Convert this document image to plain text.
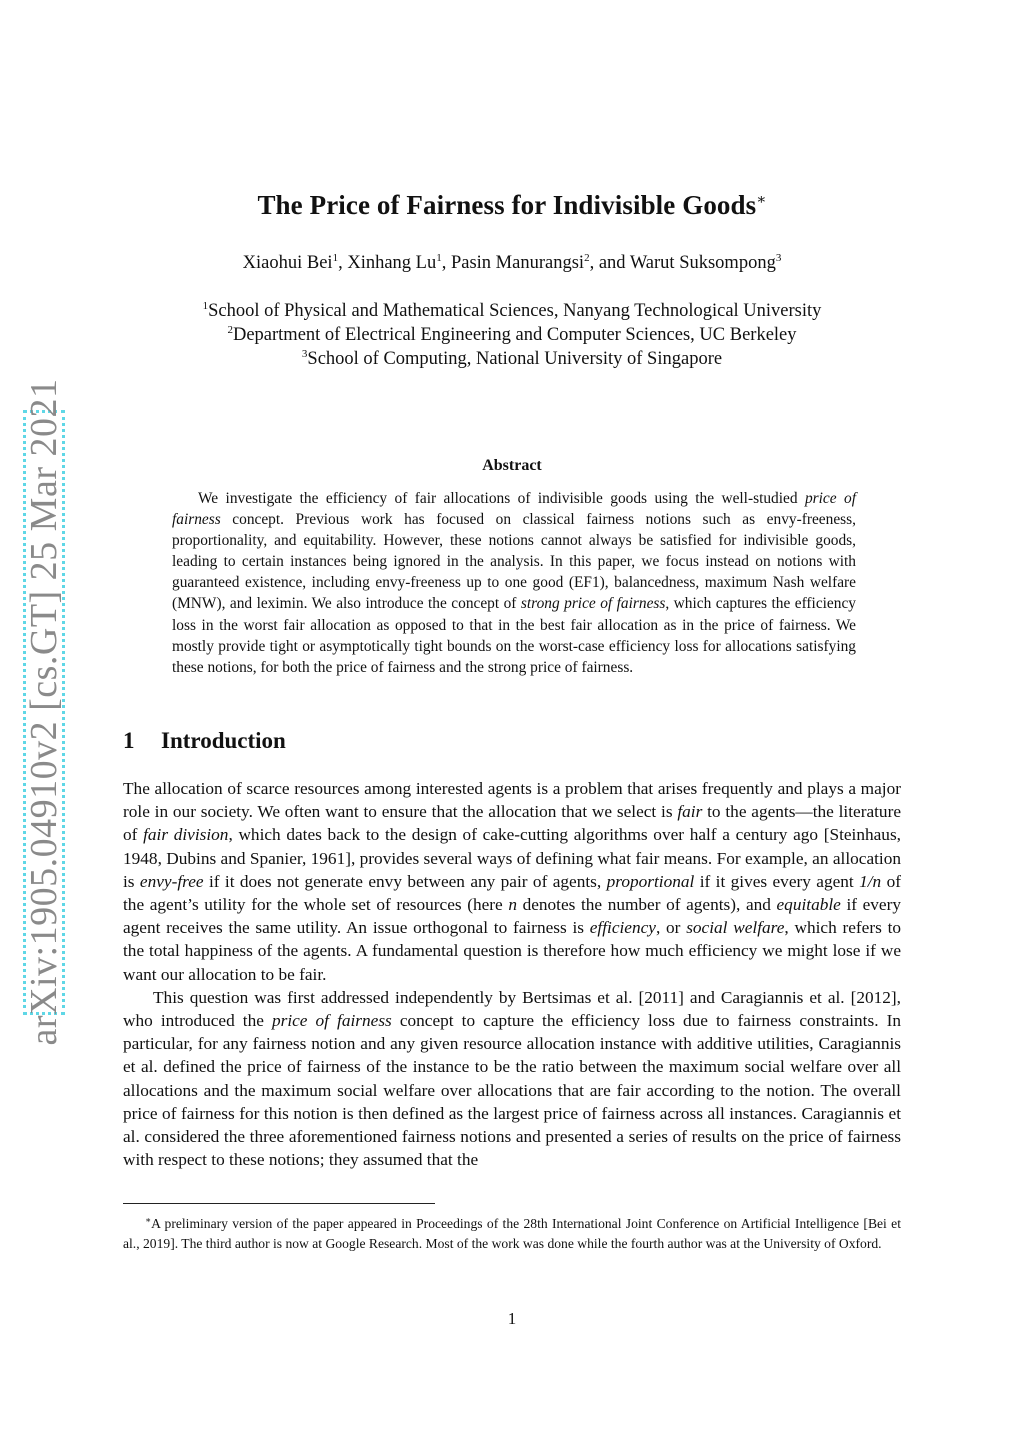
The Price of Fairness for Indivisible Goods∗
Xiaohui Bei$^1$, Xinhang Lu$^1$, Pasin Manurangsi$^2$, and Warut Suksompong$^3$
$^1$School of Physical and Mathematical Sciences, Nanyang Technological University
$^2$Department of Electrical Engineering and Computer Sciences, UC Berkeley
$^3$School of Computing, National University of Singapore
arXiv:1905.04910v2 [cs.GT] 25 Mar 2021	Abstract

We investigate the efficiency of fair allocations of indivisible goods using the well-studied price of fairness concept. Previous work has focused on classical fairness notions such as envy-freeness, proportionality, and equitability. However, these notions cannot always be satisfied for indivisible goods, leading to certain instances being ignored in the analysis. In this paper, we focus instead on notions with guaranteed existence, including envy-freeness up to one good (EF1), balancedness, maximum Nash welfare (MNW), and leximin. We also introduce the concept of strong price of fairness, which captures the efficiency loss in the worst fair allocation as opposed to that in the best fair allocation as in the price of fairness. We mostly provide tight or asymptotically tight bounds on the worst-case efficiency loss for allocations satisfying these notions, for both the price of fairness and the strong price of fairness.

1 Introduction

The allocation of scarce resources among interested agents is a problem that arises frequently and plays a major role in our society. We often want to ensure that the allocation that we select is fair to the agents—the literature of fair division, which dates back to the design of cake-cutting algorithms over half a century ago [Steinhaus, 1948, Dubins and Spanier, 1961], provides several ways of defining what fair means. For example, an allocation is envy-free if it does not generate envy between any pair of agents, proportional if it gives every agent 1/n of the agent’s utility for the whole set of resources (here n denotes the number of agents), and equitable if every agent receives the same utility. An issue orthogonal to fairness is efficiency, or social welfare, which refers to the total happiness of the agents. A fundamental question is therefore how much efficiency we might lose if we want our allocation to be fair.

This question was first addressed independently by Bertsimas et al. [2011] and Caragiannis et al. [2012], who introduced the price of fairness concept to capture the efficiency loss due to fairness constraints. In particular, for any fairness notion and any given resource allocation instance with additive utilities, Caragiannis et al. defined the price of fairness of the instance to be the ratio between the maximum social welfare over all allocations and the maximum social welfare over allocations that are fair according to the notion. The overall price of fairness for this notion is then defined as the largest price of fairness across all instances. Caragiannis et al. considered the three aforementioned fairness notions and presented a series of results on the price of fairness with respect to these notions; they assumed that the

∗A preliminary version of the paper appeared in Proceedings of the 28th International Joint Conference on Artificial Intelligence [Bei et al., 2019]. The third author is now at Google Research. Most of the work was done while the fourth author was at the University of Oxford.

1
